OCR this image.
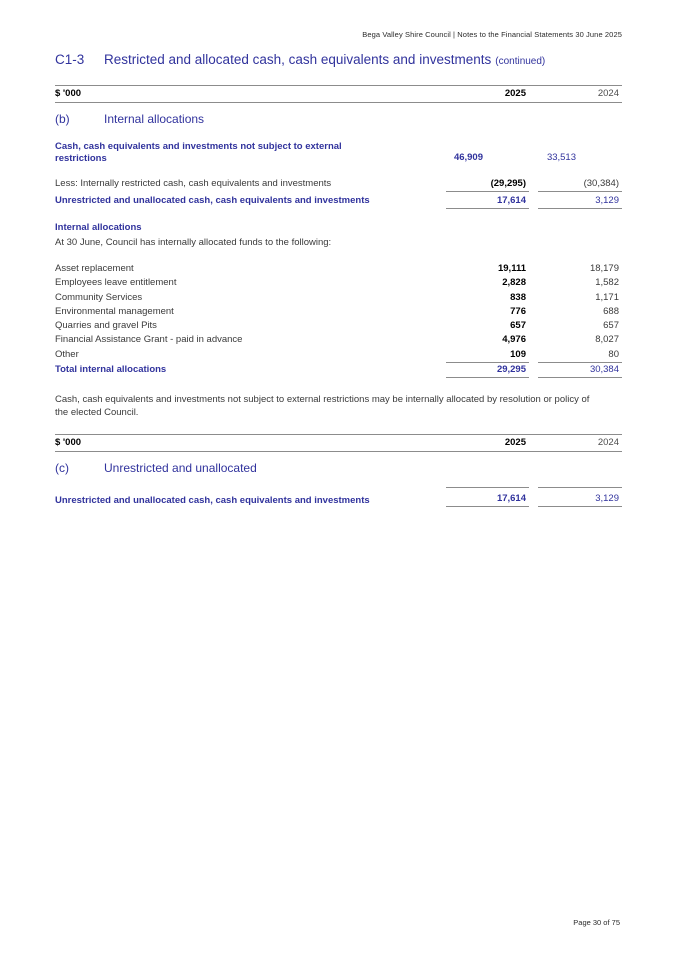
Bega Valley Shire Council | Notes to the Financial Statements 30 June 2025
C1-3	Restricted and allocated cash, cash equivalents and investments (continued)
$ '000	2025	2024
(b)	Internal allocations
Cash, cash equivalents and investments not subject to external restrictions	46,909	33,513
Less: Internally restricted cash, cash equivalents and investments	(29,295)	(30,384)
Unrestricted and unallocated cash, cash equivalents and investments	17,614	3,129
Internal allocations
At 30 June, Council has internally allocated funds to the following:
Asset replacement	19,111	18,179
Employees leave entitlement	2,828	1,582
Community Services	838	1,171
Environmental management	776	688
Quarries and gravel Pits	657	657
Financial Assistance Grant - paid in advance	4,976	8,027
Other	109	80
Total internal allocations	29,295	30,384
Cash, cash equivalents and investments not subject to external restrictions may be internally allocated by resolution or policy of the elected Council.
$ '000	2025	2024
(c)	Unrestricted and unallocated
Unrestricted and unallocated cash, cash equivalents and investments	17,614	3,129
Page 30 of 75
